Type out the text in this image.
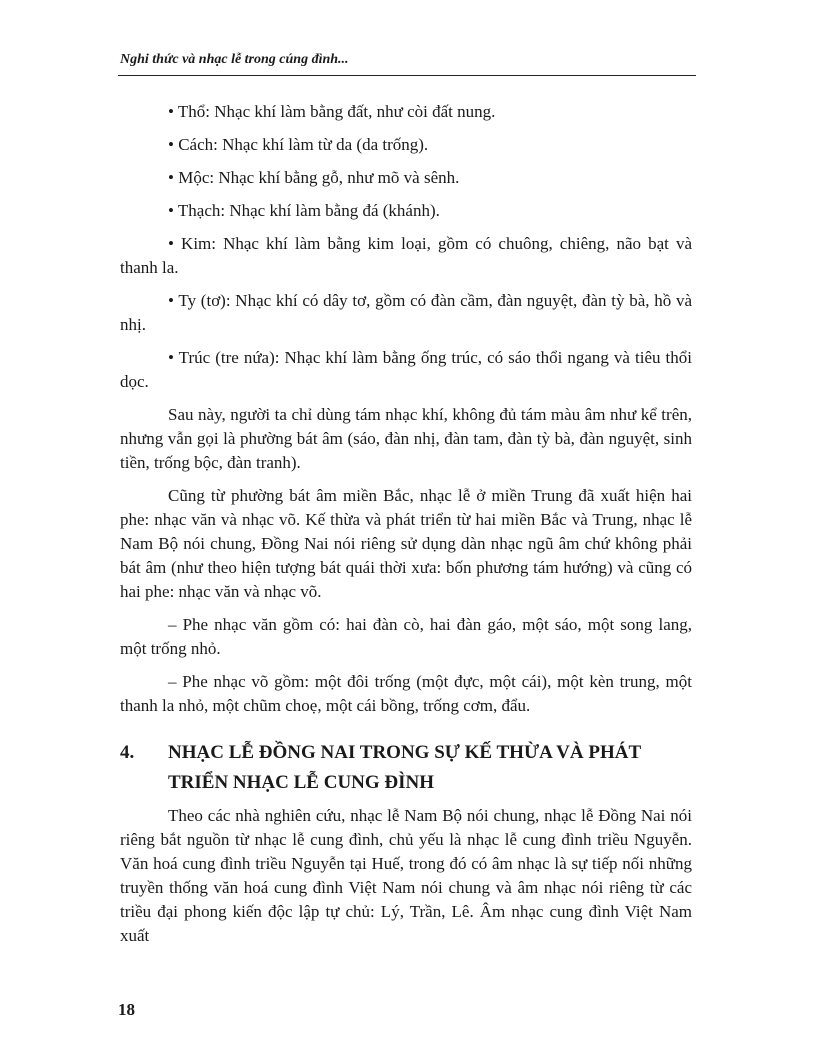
Nghi thức và nhạc lễ trong cúng đình...

• Thổ: Nhạc khí làm bằng đất, như còi đất nung.

• Cách: Nhạc khí làm từ da (da trống).

• Mộc: Nhạc khí bằng gỗ, như mõ và sênh.

• Thạch: Nhạc khí làm bằng đá (khánh).

• Kim: Nhạc khí làm bằng kim loại, gồm có chuông, chiêng, não bạt và thanh la.

• Ty (tơ): Nhạc khí có dây tơ, gồm có đàn cầm, đàn nguyệt, đàn tỳ bà, hồ và nhị.

• Trúc (tre nứa): Nhạc khí làm bằng ống trúc, có sáo thổi ngang và tiêu thổi dọc.

Sau này, người ta chỉ dùng tám nhạc khí, không đủ tám màu âm như kể trên, nhưng vẫn gọi là phường bát âm (sáo, đàn nhị, đàn tam, đàn tỳ bà, đàn nguyệt, sinh tiền, trống bộc, đàn tranh).

Cũng từ phường bát âm miền Bắc, nhạc lễ ở miền Trung đã xuất hiện hai phe: nhạc văn và nhạc võ. Kế thừa và phát triển từ hai miền Bắc và Trung, nhạc lễ Nam Bộ nói chung, Đồng Nai nói riêng sử dụng dàn nhạc ngũ âm chứ không phải bát âm (như theo hiện tượng bát quái thời xưa: bốn phương tám hướng) và cũng có hai phe: nhạc văn và nhạc võ.

– Phe nhạc văn gồm có: hai đàn cò, hai đàn gáo, một sáo, một song lang, một trống nhỏ.

– Phe nhạc võ gồm: một đôi trống (một đực, một cái), một kèn trung, một thanh la nhỏ, một chũm choẹ, một cái bồng, trống cơm, đẩu.

4.	NHẠC LỄ ĐỒNG NAI TRONG SỰ KẾ THỪA VÀ PHÁT TRIỂN NHẠC LỄ CUNG ĐÌNH

Theo các nhà nghiên cứu, nhạc lễ Nam Bộ nói chung, nhạc lễ Đồng Nai nói riêng bắt nguồn từ nhạc lễ cung đình, chủ yếu là nhạc lễ cung đình triều Nguyễn. Văn hoá cung đình triều Nguyễn tại Huế, trong đó có âm nhạc là sự tiếp nối những truyền thống văn hoá cung đình Việt Nam nói chung và âm nhạc nói riêng từ các triều đại phong kiến độc lập tự chủ: Lý, Trần, Lê. Âm nhạc cung đình Việt Nam xuất

18
